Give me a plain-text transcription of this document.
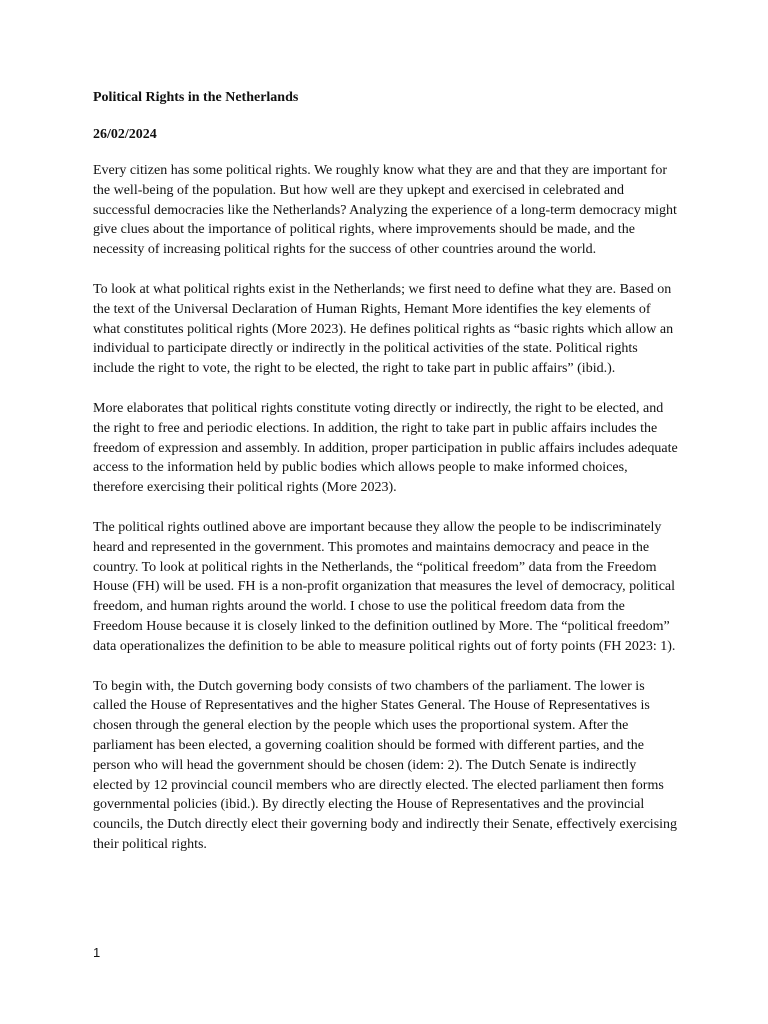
Political Rights in the Netherlands
26/02/2024

Every citizen has some political rights. We roughly know what they are and that they are important for the well-being of the population. But how well are they upkept and exercised in celebrated and successful democracies like the Netherlands? Analyzing the experience of a long-term democracy might give clues about the importance of political rights, where improvements should be made, and the necessity of increasing political rights for the success of other countries around the world.

To look at what political rights exist in the Netherlands; we first need to define what they are. Based on the text of the Universal Declaration of Human Rights, Hemant More identifies the key elements of what constitutes political rights (More 2023). He defines political rights as “basic rights which allow an individual to participate directly or indirectly in the political activities of the state. Political rights include the right to vote, the right to be elected, the right to take part in public affairs” (ibid.).

More elaborates that political rights constitute voting directly or indirectly, the right to be elected, and the right to free and periodic elections. In addition, the right to take part in public affairs includes the freedom of expression and assembly. In addition, proper participation in public affairs includes adequate access to the information held by public bodies which allows people to make informed choices, therefore exercising their political rights (More 2023).

The political rights outlined above are important because they allow the people to be indiscriminately heard and represented in the government. This promotes and maintains democracy and peace in the country. To look at political rights in the Netherlands, the “political freedom” data from the Freedom House (FH) will be used. FH is a non-profit organization that measures the level of democracy, political freedom, and human rights around the world. I chose to use the political freedom data from the Freedom House because it is closely linked to the definition outlined by More. The “political freedom” data operationalizes the definition to be able to measure political rights out of forty points (FH 2023: 1).

To begin with, the Dutch governing body consists of two chambers of the parliament. The lower is called the House of Representatives and the higher States General. The House of Representatives is chosen through the general election by the people which uses the proportional system. After the parliament has been elected, a governing coalition should be formed with different parties, and the person who will head the government should be chosen (idem: 2). The Dutch Senate is indirectly elected by 12 provincial council members who are directly elected. The elected parliament then forms governmental policies (ibid.). By directly electing the House of Representatives and the provincial councils, the Dutch directly elect their governing body and indirectly their Senate, effectively exercising their political rights.

1
